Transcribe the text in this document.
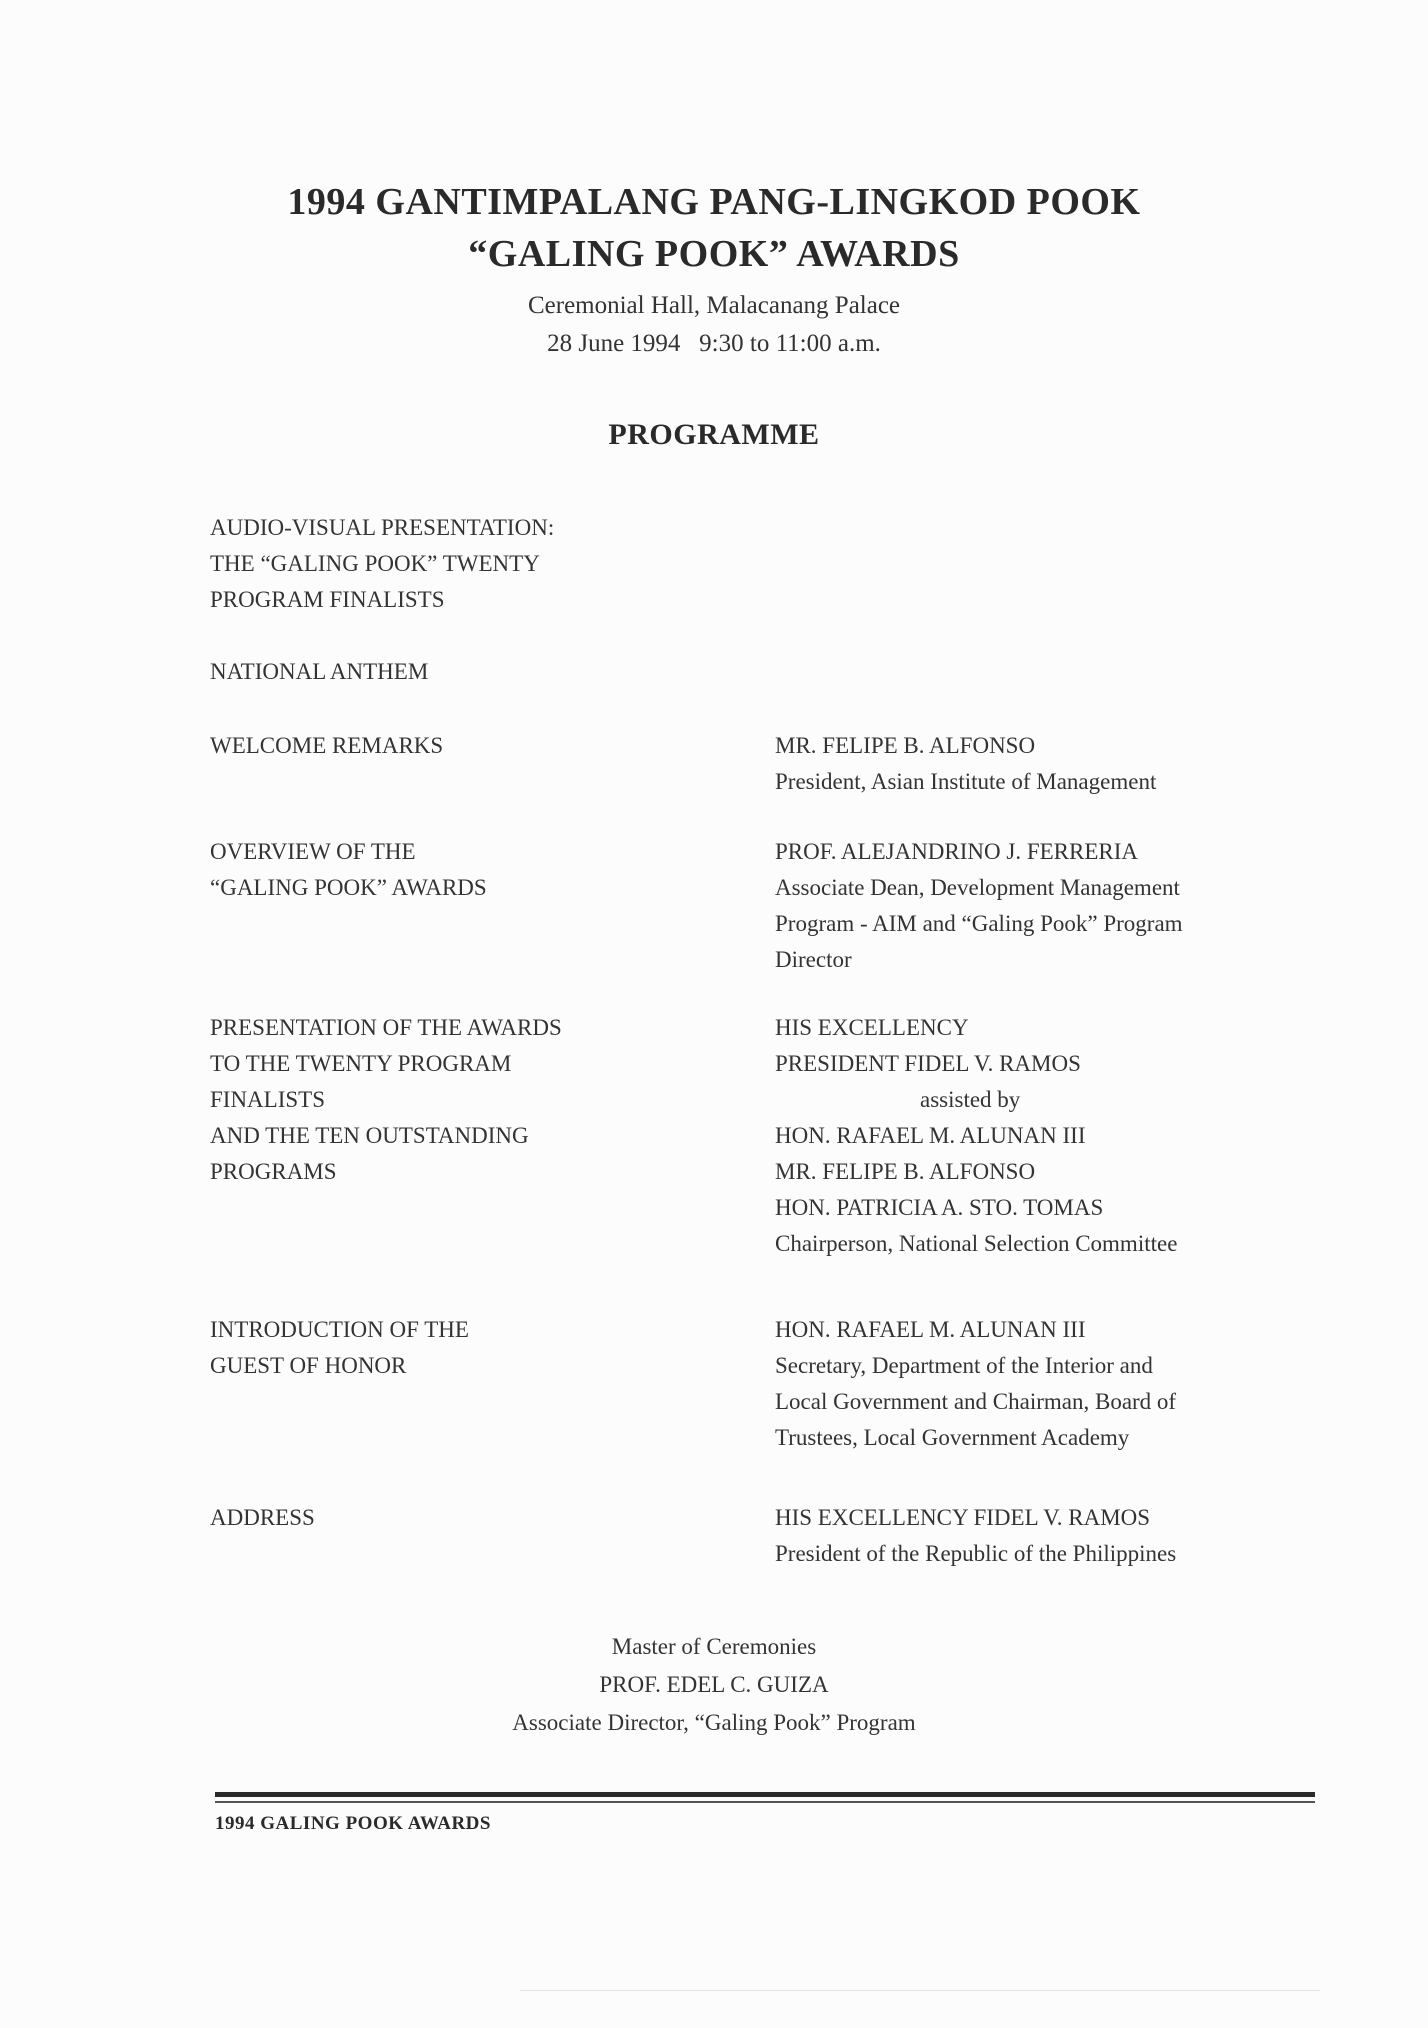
1994 GANTIMPALANG PANG-LINGKOD POOK
“GALING POOK” AWARDS
Ceremonial Hall, Malacanang Palace
28 June 1994   9:30 to 11:00 a.m.
PROGRAMME
AUDIO-VISUAL PRESENTATION:
THE “GALING POOK” TWENTY
PROGRAM FINALISTS
NATIONAL ANTHEM
WELCOME REMARKS	MR. FELIPE B. ALFONSO
President, Asian Institute of Management
OVERVIEW OF THE
“GALING POOK” AWARDS
PROF. ALEJANDRINO J. FERRERIA
Associate Dean, Development Management
Program - AIM and “Galing Pook” Program
Director
PRESENTATION OF THE AWARDS
TO THE TWENTY PROGRAM
FINALISTS
AND THE TEN OUTSTANDING
PROGRAMS
HIS EXCELLENCY
PRESIDENT FIDEL V. RAMOS
assisted by
HON. RAFAEL M. ALUNAN III
MR. FELIPE B. ALFONSO
HON. PATRICIA A. STO. TOMAS
Chairperson, National Selection Committee
INTRODUCTION OF THE
GUEST OF HONOR
HON. RAFAEL M. ALUNAN III
Secretary, Department of the Interior and
Local Government and Chairman, Board of
Trustees, Local Government Academy
ADDRESS	HIS EXCELLENCY FIDEL V. RAMOS
President of the Republic of the Philippines
Master of Ceremonies
PROF. EDEL C. GUIZA
Associate Director, “Galing Pook” Program
1994 GALING POOK AWARDS
